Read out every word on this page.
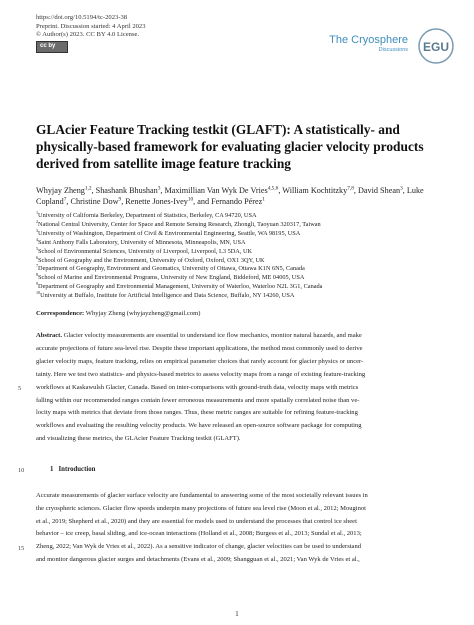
https://doi.org/10.5194/tc-2023-38
Preprint. Discussion started: 4 April 2023
© Author(s) 2023. CC BY 4.0 License.
cc by	The Cryosphere
Discussions EGU
GLAcier Feature Tracking testkit (GLAFT): A statistically- and
physically-based framework for evaluating glacier velocity products
derived from satellite image feature tracking
Whyjay Zheng$^{1,2}$, Shashank Bhushan$^3$, Maximillian Van Wyk De Vries$^{4,5,6}$, William Kochtitzky$^{7,8}$, David Shean$^3$, Luke Copland$^7$, Christine Dow$^9$, Renette Jones-Ivey$^{10}$, and Fernando Pérez$^1$
$^1$University of California Berkeley, Department of Statistics, Berkeley, CA 94720, USA
$^2$National Central University, Center for Space and Remote Sensing Research, Zhongli, Taoyuan 320317, Taiwan
$^3$University of Washington, Department of Civil & Environmental Engineering, Seattle, WA 98195, USA
$^4$Saint Anthony Falls Laboratory, University of Minnesota, Minneapolis, MN, USA
$^5$School of Environmental Sciences, University of Liverpool, Liverpool, L3 5DA, UK
$^6$School of Geography and the Environment, University of Oxford, Oxford, OX1 3QY, UK
$^7$Department of Geography, Environment and Geomatics, University of Ottawa, Ottawa K1N 6N5, Canada
$^8$School of Marine and Environmental Programs, University of New England, Biddeford, ME 04005, USA
$^9$Department of Geography and Environmental Management, University of Waterloo, Waterloo N2L 3G1, Canada
$^{10}$University at Buffalo, Institute for Artificial Intelligence and Data Science, Buffalo, NY 14260, USA
Correspondence: Whyjay Zheng (whyjayzheng@gmail.com)
Abstract. Glacier velocity measurements are essential to understand ice flow mechanics, monitor natural hazards, and make
accurate projections of future sea-level rise. Despite these important applications, the method most commonly used to derive
glacier velocity maps, feature tracking, relies on empirical parameter choices that rarely account for glacier physics or uncer-
tainty. Here we test two statistics- and physics-based metrics to assess velocity maps from a range of existing feature-tracking
workflows at Kaskawulsh Glacier, Canada. Based on inter-comparisons with ground-truth data, velocity maps with metrics
falling within our recommended ranges contain fewer erroneous measurements and more spatially correlated noise than ve-
locity maps with metrics that deviate from those ranges. Thus, these metric ranges are suitable for refining feature-tracking
workflows and evaluating the resulting velocity products. We have released an open-source software package for computing
and visualizing these metrics, the GLAcier Feature Tracking testkit (GLAFT).
5
10	1 Introduction
Accurate measurements of glacier surface velocity are fundamental to answering some of the most societally relevant issues in
the cryospheric sciences. Glacier flow speeds underpin many projections of future sea level rise (Moon et al., 2012; Mouginot
et al., 2019; Shepherd et al., 2020) and they are essential for models used to understand the processes that control ice sheet
behavior – ice creep, basal sliding, and ice-ocean interactions (Holland et al., 2008; Burgess et al., 2013; Sundal et al., 2013;
Zheng, 2022; Van Wyk de Vries et al., 2022). As a sensitive indicator of change, glacier velocities can be used to understand
and monitor dangerous glacier surges and detachments (Evans et al., 2009; Shangguan et al., 2021; Van Wyk de Vries et al.,
15
1
